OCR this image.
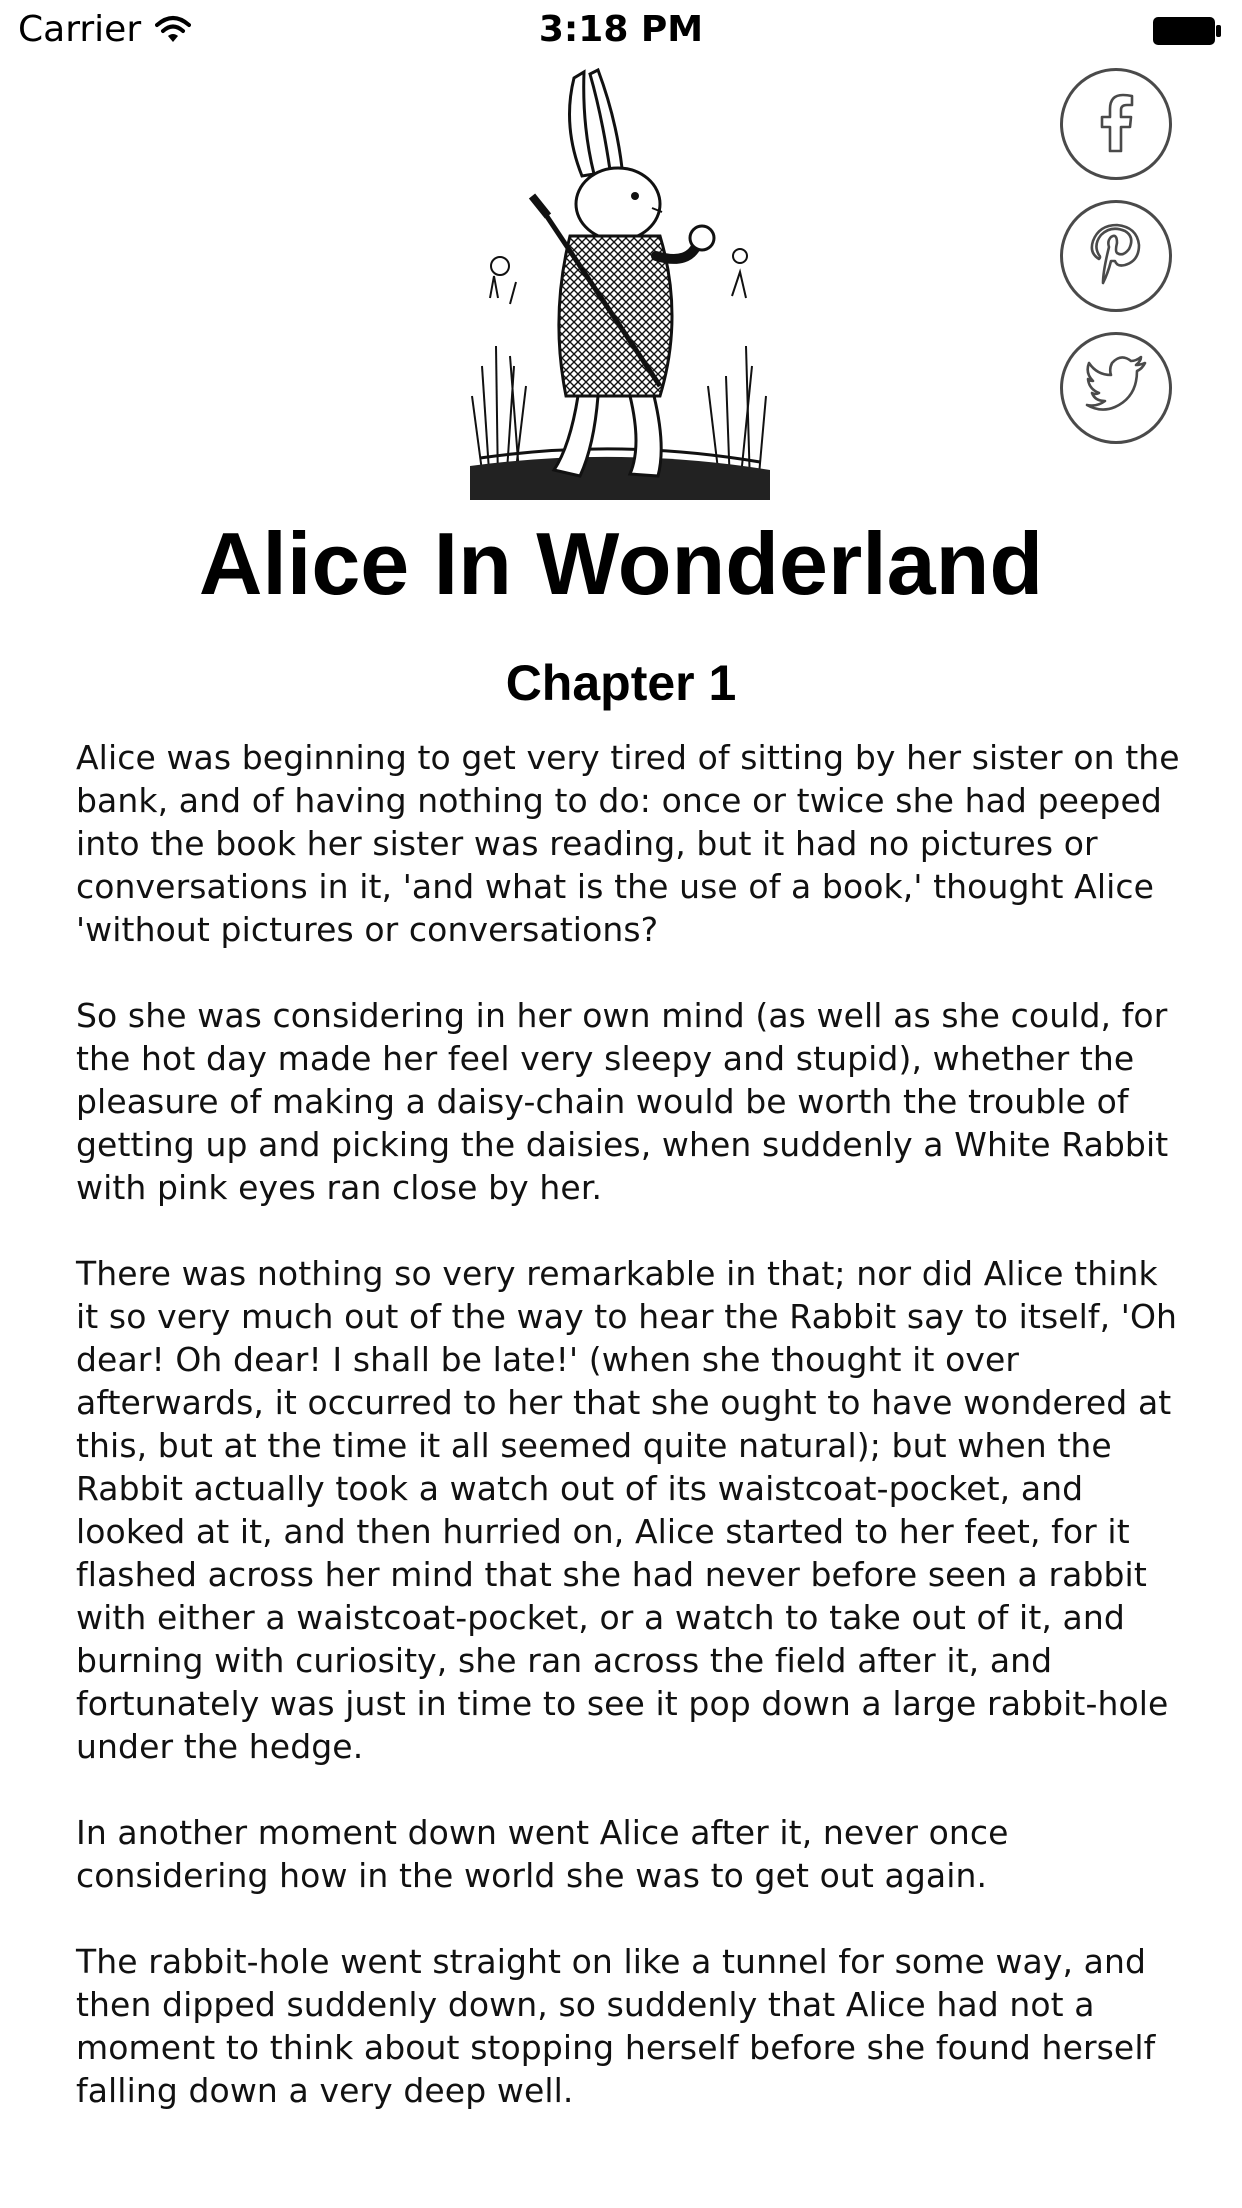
Carrier	3:18 PM
Alice In Wonderland
Chapter 1

Alice was beginning to get very tired of sitting by her sister on the bank, and of having nothing to do: once or twice she had peeped into the book her sister was reading, but it had no pictures or conversations in it, 'and what is the use of a book,' thought Alice 'without pictures or conversations?

So she was considering in her own mind (as well as she could, for the hot day made her feel very sleepy and stupid), whether the pleasure of making a daisy-chain would be worth the trouble of getting up and picking the daisies, when suddenly a White Rabbit with pink eyes ran close by her.

There was nothing so very remarkable in that; nor did Alice think it so very much out of the way to hear the Rabbit say to itself, 'Oh dear! Oh dear! I shall be late!' (when she thought it over afterwards, it occurred to her that she ought to have wondered at this, but at the time it all seemed quite natural); but when the Rabbit actually took a watch out of its waistcoat-pocket, and looked at it, and then hurried on, Alice started to her feet, for it flashed across her mind that she had never before seen a rabbit with either a waistcoat-pocket, or a watch to take out of it, and burning with curiosity, she ran across the field after it, and fortunately was just in time to see it pop down a large rabbit-hole under the hedge.

In another moment down went Alice after it, never once considering how in the world she was to get out again.

The rabbit-hole went straight on like a tunnel for some way, and then dipped suddenly down, so suddenly that Alice had not a moment to think about stopping herself before she found herself falling down a very deep well.
